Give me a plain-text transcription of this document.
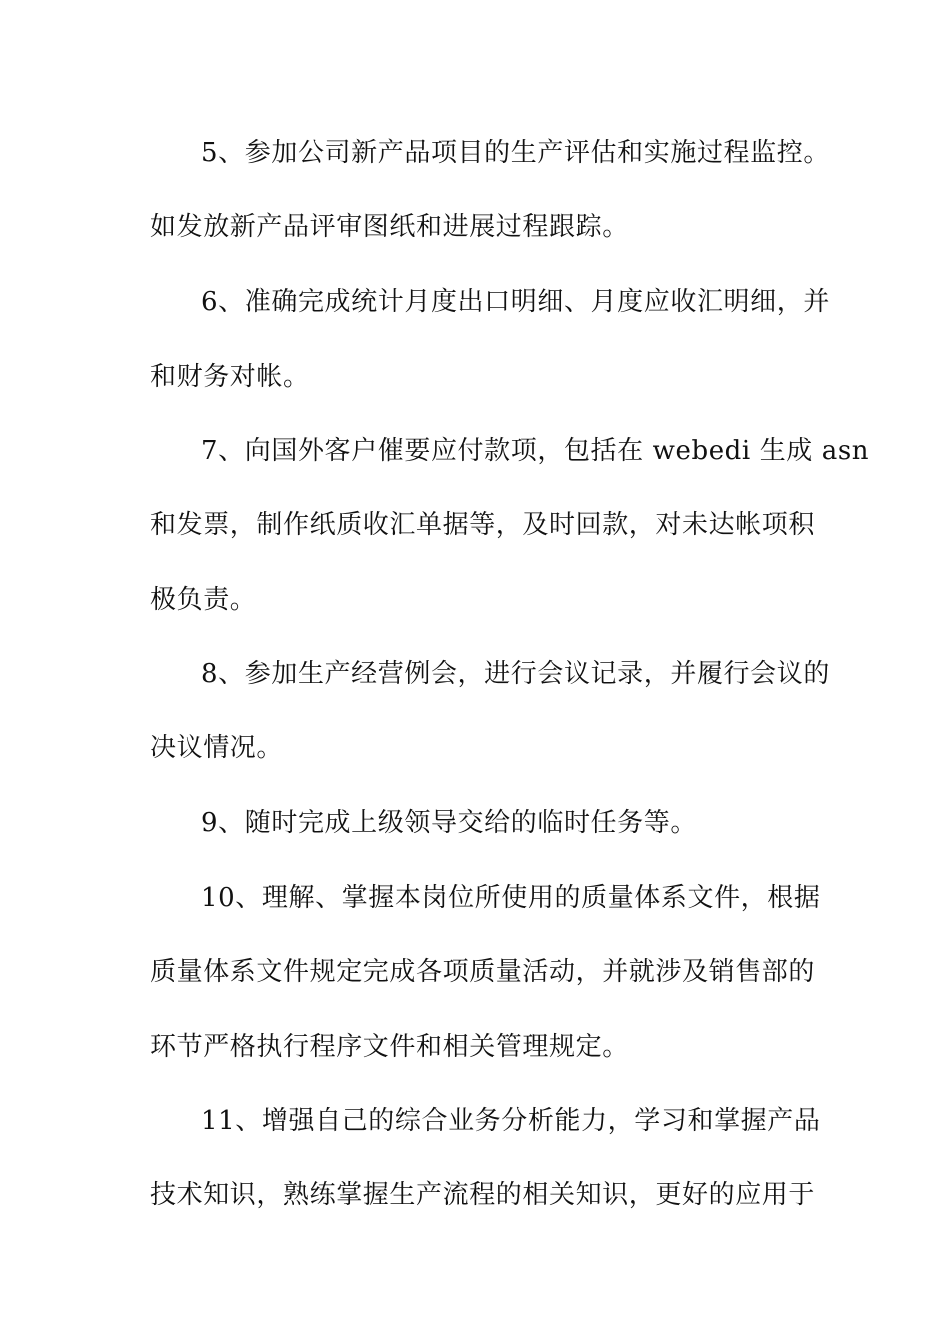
5、参加公司新产品项目的生产评估和实施过程监控。
如发放新产品评审图纸和进展过程跟踪。
6、准确完成统计月度出口明细、月度应收汇明细，并
和财务对帐。
7、向国外客户催要应付款项，包括在 webedi 生成 asn
和发票，制作纸质收汇单据等，及时回款，对未达帐项积
极负责。
8、参加生产经营例会，进行会议记录，并履行会议的
决议情况。
9、随时完成上级领导交给的临时任务等。
10、理解、掌握本岗位所使用的质量体系文件，根据
质量体系文件规定完成各项质量活动，并就涉及销售部的
环节严格执行程序文件和相关管理规定。
11、增强自己的综合业务分析能力，学习和掌握产品
技术知识，熟练掌握生产流程的相关知识，更好的应用于
